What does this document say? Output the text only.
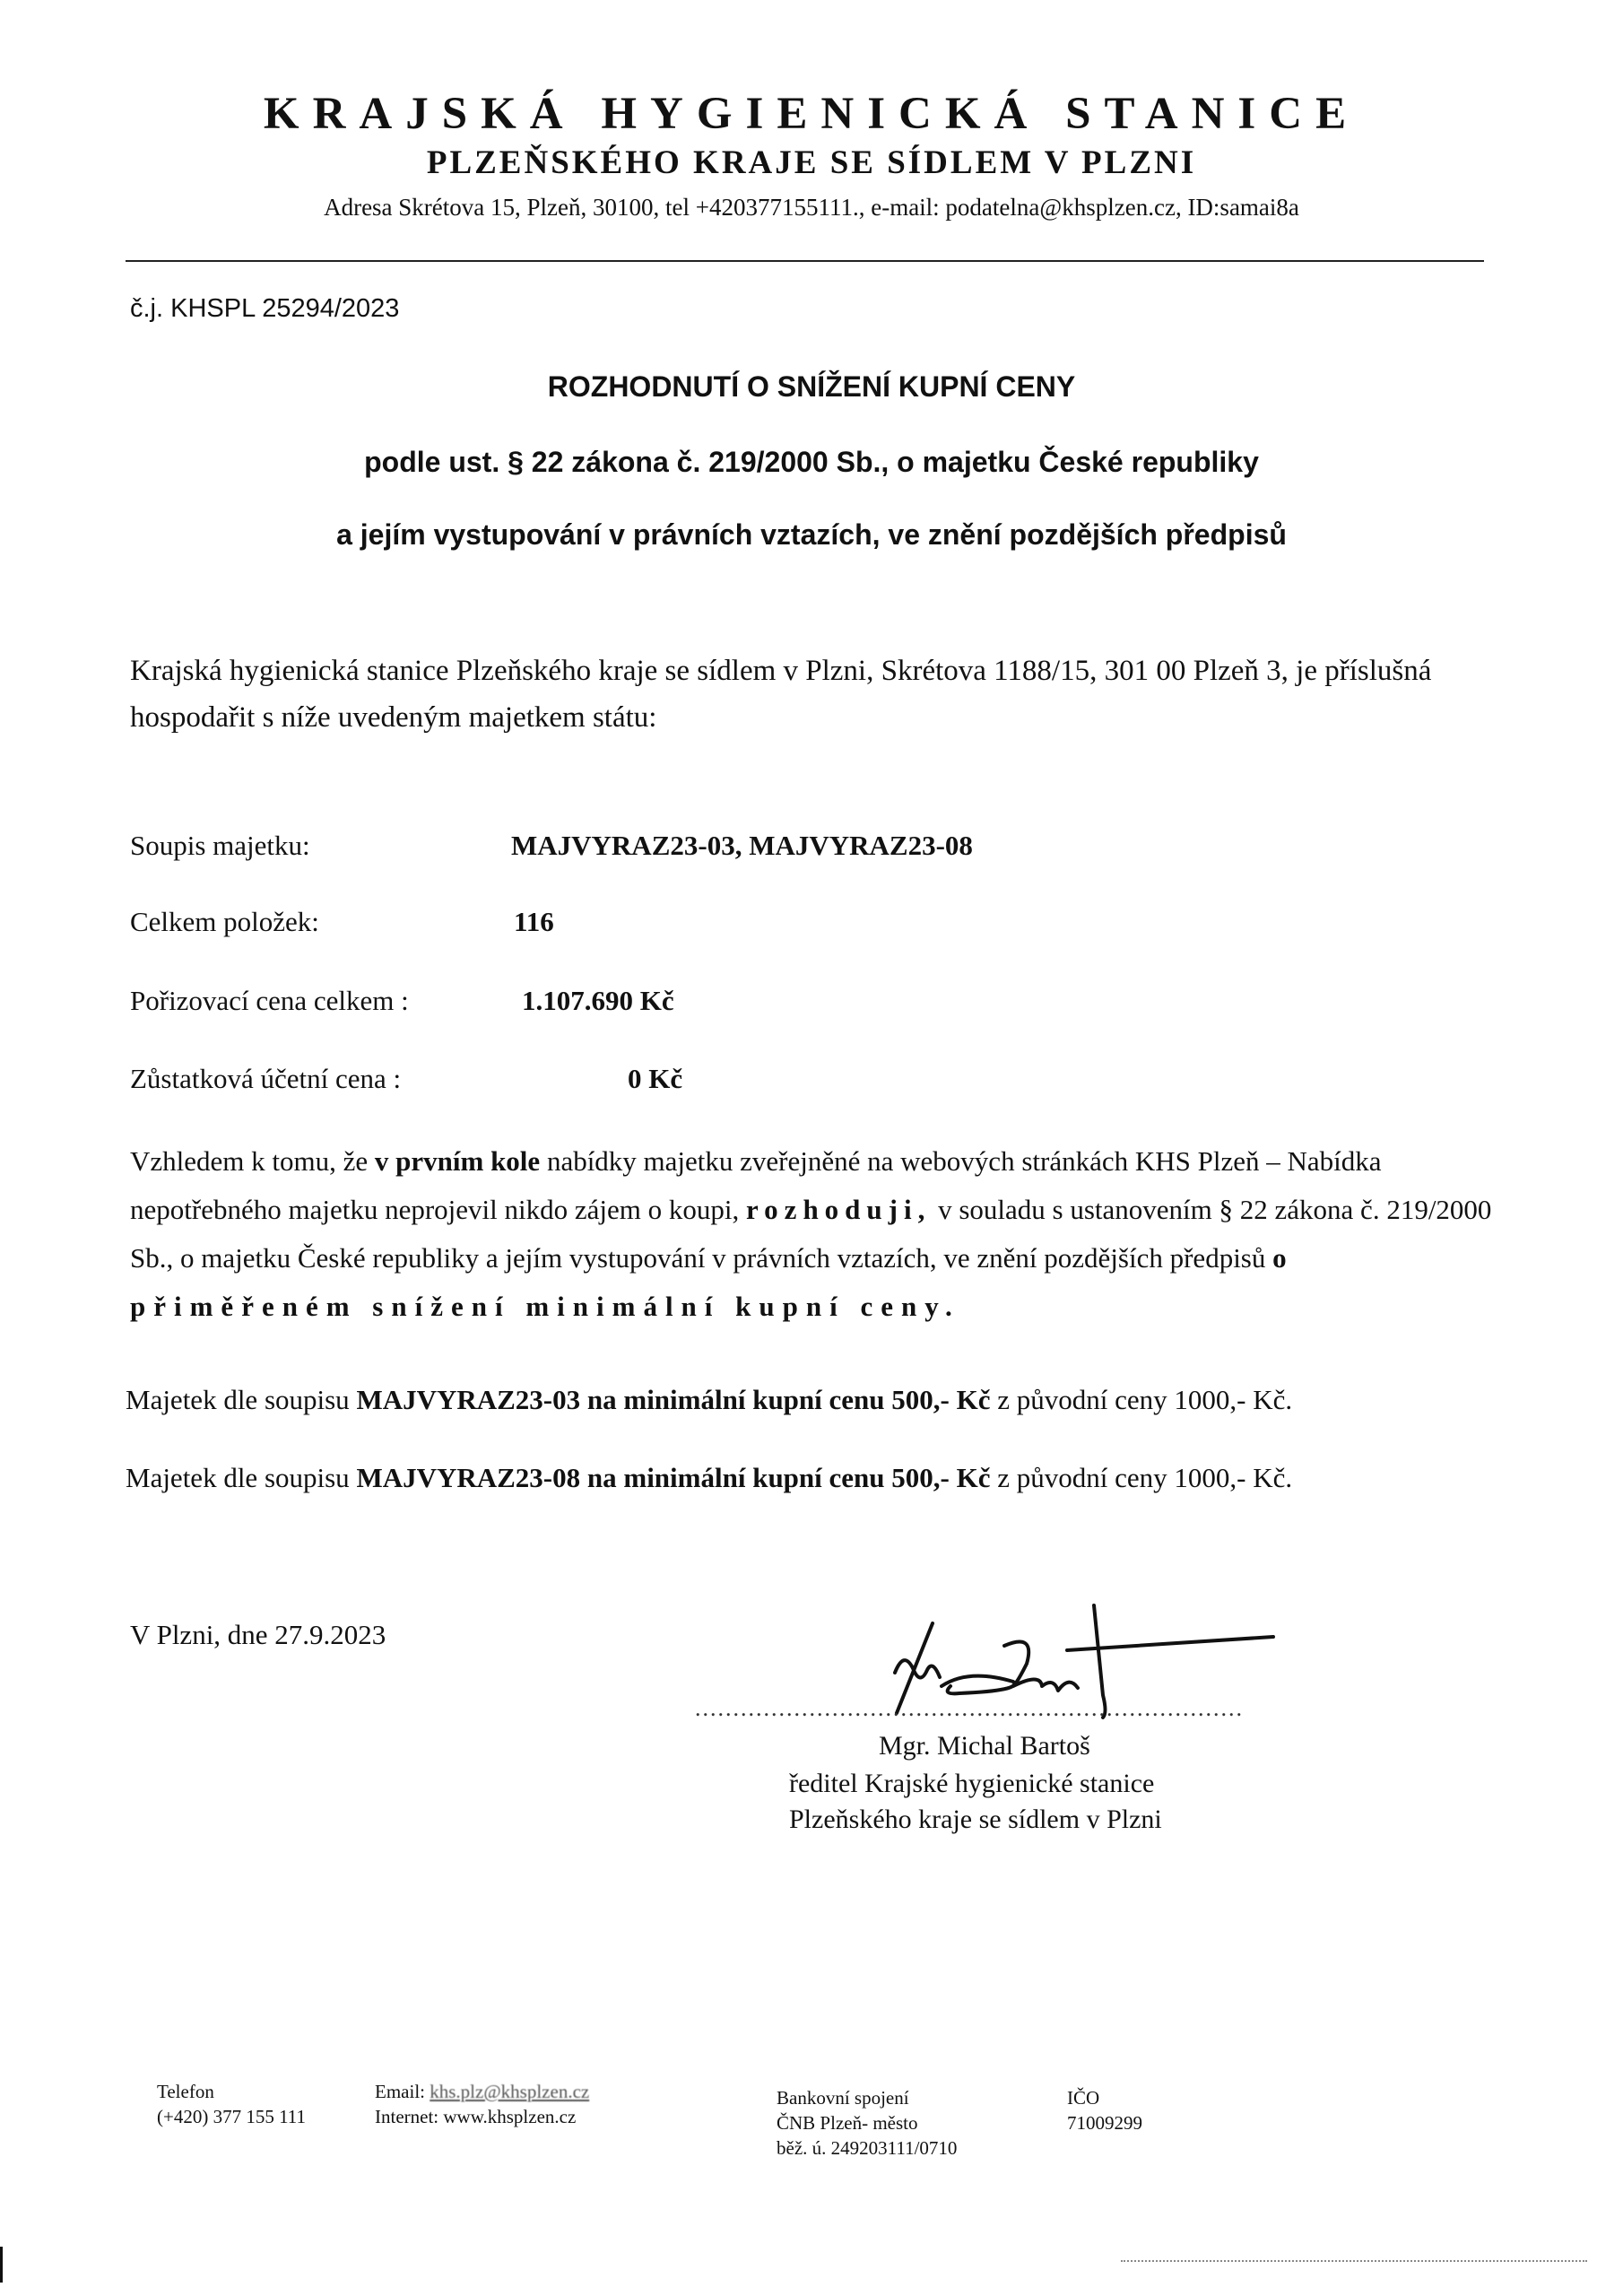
KRAJSKÁ HYGIENICKÁ STANICE
PLZEŇSKÉHO KRAJE SE SÍDLEM V PLZNI
Adresa Skrétova 15, Plzeň, 30100, tel +420377155111., e-mail: podatelna@khsplzen.cz, ID:samai8a
č.j. KHSPL 25294/2023
ROZHODNUTÍ O SNÍŽENÍ KUPNÍ CENY
podle ust. § 22 zákona č. 219/2000 Sb., o majetku České republiky
a jejím vystupování v právních vztazích, ve znění pozdějších předpisů
Krajská hygienická stanice Plzeňského kraje se sídlem v Plzni, Skrétova 1188/15, 301 00 Plzeň 3, je příslušná hospodařit s níže uvedeným majetkem státu:
Soupis majetku:	MAJVYRAZ23-03, MAJVYRAZ23-08
Celkem položek:	116
Pořizovací cena celkem :	1.107.690 Kč
Zůstatková účetní cena :	0 Kč
Vzhledem k tomu, že v prvním kole nabídky majetku zveřejněné na webových stránkách KHS Plzeň – Nabídka nepotřebného majetku neprojevil nikdo zájem o koupi, rozhoduji, v souladu s ustanovením § 22 zákona č. 219/2000 Sb., o majetku České republiky a jejím vystupování v právních vztazích, ve znění pozdějších předpisů o přiměřeném snížení minimální kupní ceny.
Majetek dle soupisu MAJVYRAZ23-03 na minimální kupní cenu 500,- Kč z původní ceny 1000,- Kč.
Majetek dle soupisu MAJVYRAZ23-08 na minimální kupní cenu 500,- Kč z původní ceny 1000,- Kč.
V Plzni, dne 27.9.2023
........................................................................
Mgr. Michal Bartoš
ředitel Krajské hygienické stanice
Plzeňského kraje se sídlem v Plzni
Telefon
(+420) 377 155 111
Email: khs.plz@khsplzen.cz
Internet: www.khsplzen.cz
Bankovní spojení
ČNB Plzeň- město
běž. ú. 249203111/0710
IČO
71009299
